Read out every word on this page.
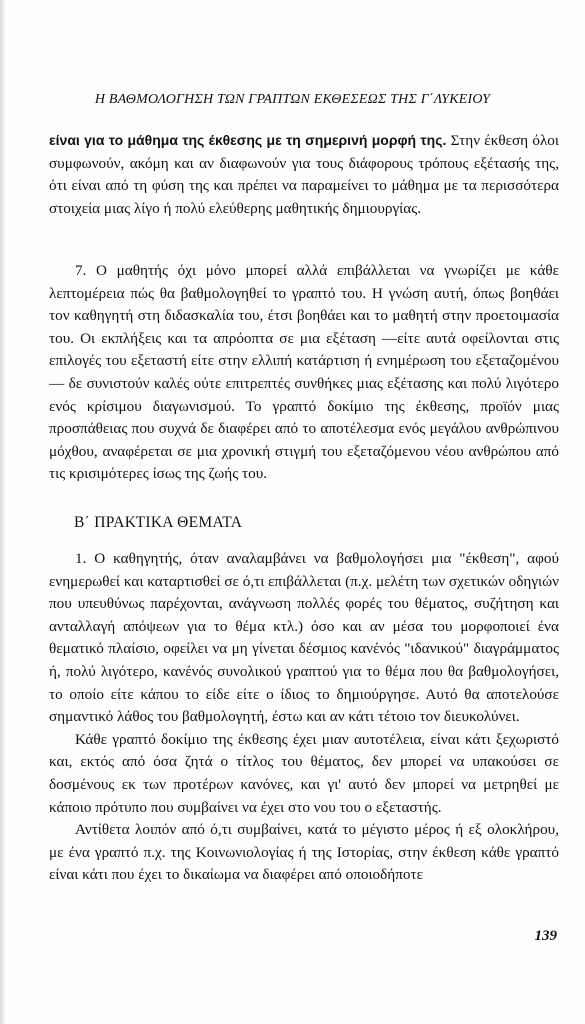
Η ΒΑΘΜΟΛΟΓΗΣΗ ΤΩΝ ΓΡΑΠΤΩΝ ΕΚΘΕΣΕΩΣ ΤΗΣ Γ΄ΛΥΚΕΙΟΥ

είναι για το μάθημα της έκθεσης με τη σημερινή μορφή της. Στην έκθεση όλοι συμφωνούν, ακόμη και αν διαφωνούν για τους διάφορους τρόπους εξέτασής της, ότι είναι από τη φύση της και πρέπει να παραμείνει το μάθημα με τα περισσότερα στοιχεία μιας λίγο ή πολύ ελεύθερης μαθητικής δημιουργίας.

7. Ο μαθητής όχι μόνο μπορεί αλλά επιβάλλεται να γνωρίζει με κάθε λεπτομέρεια πώς θα βαθμολογηθεί το γραπτό του. Η γνώση αυτή, όπως βοηθάει τον καθηγητή στη διδασκαλία του, έτσι βοηθάει και το μαθητή στην προετοιμασία του. Οι εκπλήξεις και τα απρόοπτα σε μια εξέταση —είτε αυτά οφείλονται στις επιλογές του εξεταστή είτε στην ελλιπή κατάρτιση ή ενημέρωση του εξεταζομένου— δε συνιστούν καλές ούτε επιτρεπτές συνθήκες μιας εξέτασης και πολύ λιγότερο ενός κρίσιμου διαγωνισμού. Το γραπτό δοκίμιο της έκθεσης, προϊόν μιας προσπάθειας που συχνά δε διαφέρει από το αποτέλεσμα ενός μεγάλου ανθρώπινου μόχθου, αναφέρεται σε μια χρονική στιγμή του εξεταζόμενου νέου ανθρώπου από τις κρισιμότερες ίσως της ζωής του.

Β΄ ΠΡΑΚΤΙΚΑ ΘΕΜΑΤΑ

1. Ο καθηγητής, όταν αναλαμβάνει να βαθμολογήσει μια "έκθεση", αφού ενημερωθεί και καταρτισθεί σε ό,τι επιβάλλεται (π.χ. μελέτη των σχετικών οδηγιών που υπευθύνως παρέχονται, ανάγνωση πολλές φορές του θέματος, συζήτηση και ανταλλαγή απόψεων για το θέμα κτλ.) όσο και αν μέσα του μορφοποιεί ένα θεματικό πλαίσιο, οφείλει να μη γίνεται δέσμιος κανένός "ιδανικού" διαγράμματος ή, πολύ λιγότερο, κανένός συνολικού γραπτού για το θέμα που θα βαθμολογήσει, το οποίο είτε κάπου το είδε είτε ο ίδιος το δημιούργησε. Αυτό θα αποτελούσε σημαντικό λάθος του βαθμολογητή, έστω και αν κάτι τέτοιο τον διευκολύνει.

Κάθε γραπτό δοκίμιο της έκθεσης έχει μιαν αυτοτέλεια, είναι κάτι ξεχωριστό και, εκτός από όσα ζητά ο τίτλος του θέματος, δεν μπορεί να υπακούσει σε δοσμένους εκ των προτέρων κανόνες, και γι' αυτό δεν μπορεί να μετρηθεί με κάποιο πρότυπο που συμβαίνει να έχει στο νου του ο εξεταστής.

Αντίθετα λοιπόν από ό,τι συμβαίνει, κατά το μέγιστο μέρος ή εξ ολοκλήρου, με ένα γραπτό π.χ. της Κοινωνιολογίας ή της Ιστορίας, στην έκθεση κάθε γραπτό είναι κάτι που έχει το δικαίωμα να διαφέρει από οποιοδήποτε

139
